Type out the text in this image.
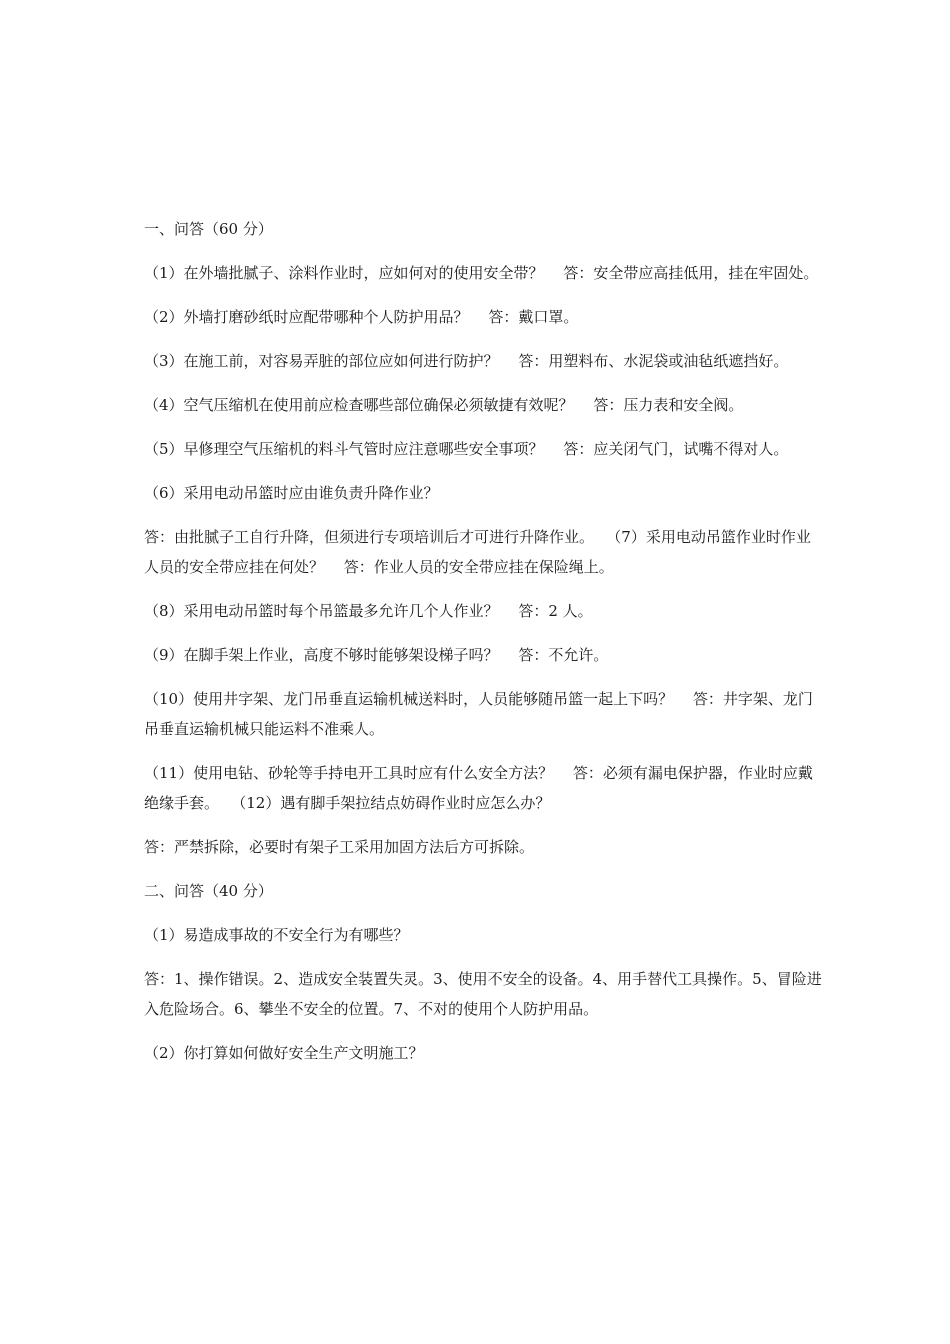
一、问答（60 分）

（1）在外墙批腻子、涂料作业时，应如何对的使用安全带？　 答：安全带应高挂低用，挂在牢固处。

（2）外墙打磨砂纸时应配带哪种个人防护用品？　 答：戴口罩。

（3）在施工前，对容易弄脏的部位应如何进行防护？　 答：用塑料布、水泥袋或油毡纸遮挡好。

（4）空气压缩机在使用前应检查哪些部位确保必须敏捷有效呢？　 答：压力表和安全阀。

（5）早修理空气压缩机的料斗气管时应注意哪些安全事项？　 答：应关闭气门，试嘴不得对人。

（6）采用电动吊篮时应由谁负责升降作业？

答：由批腻子工自行升降，但须进行专项培训后才可进行升降作业。　 （7）采用电动吊篮作业时作业人员的安全带应挂在何处？　 答：作业人员的安全带应挂在保险绳上。

（8）采用电动吊篮时每个吊篮最多允许几个人作业？　 答：2 人。

（9）在脚手架上作业，高度不够时能够架设梯子吗？　 答：不允许。

（10）使用井字架、龙门吊垂直运输机械送料时，人员能够随吊篮一起上下吗？　 答：井字架、龙门吊垂直运输机械只能运料不准乘人。

（11）使用电钻、砂轮等手持电开工具时应有什么安全方法？　 答：必须有漏电保护器，作业时应戴绝缘手套。　 （12）遇有脚手架拉结点妨碍作业时应怎么办？

答：严禁拆除，必要时有架子工采用加固方法后方可拆除。

二、问答（40 分）

（1）易造成事故的不安全行为有哪些？

答：1、操作错误。2、造成安全装置失灵。3、使用不安全的设备。4、用手替代工具操作。5、冒险进入危险场合。6、攀坐不安全的位置。7、不对的使用个人防护用品。

（2）你打算如何做好安全生产文明施工？
